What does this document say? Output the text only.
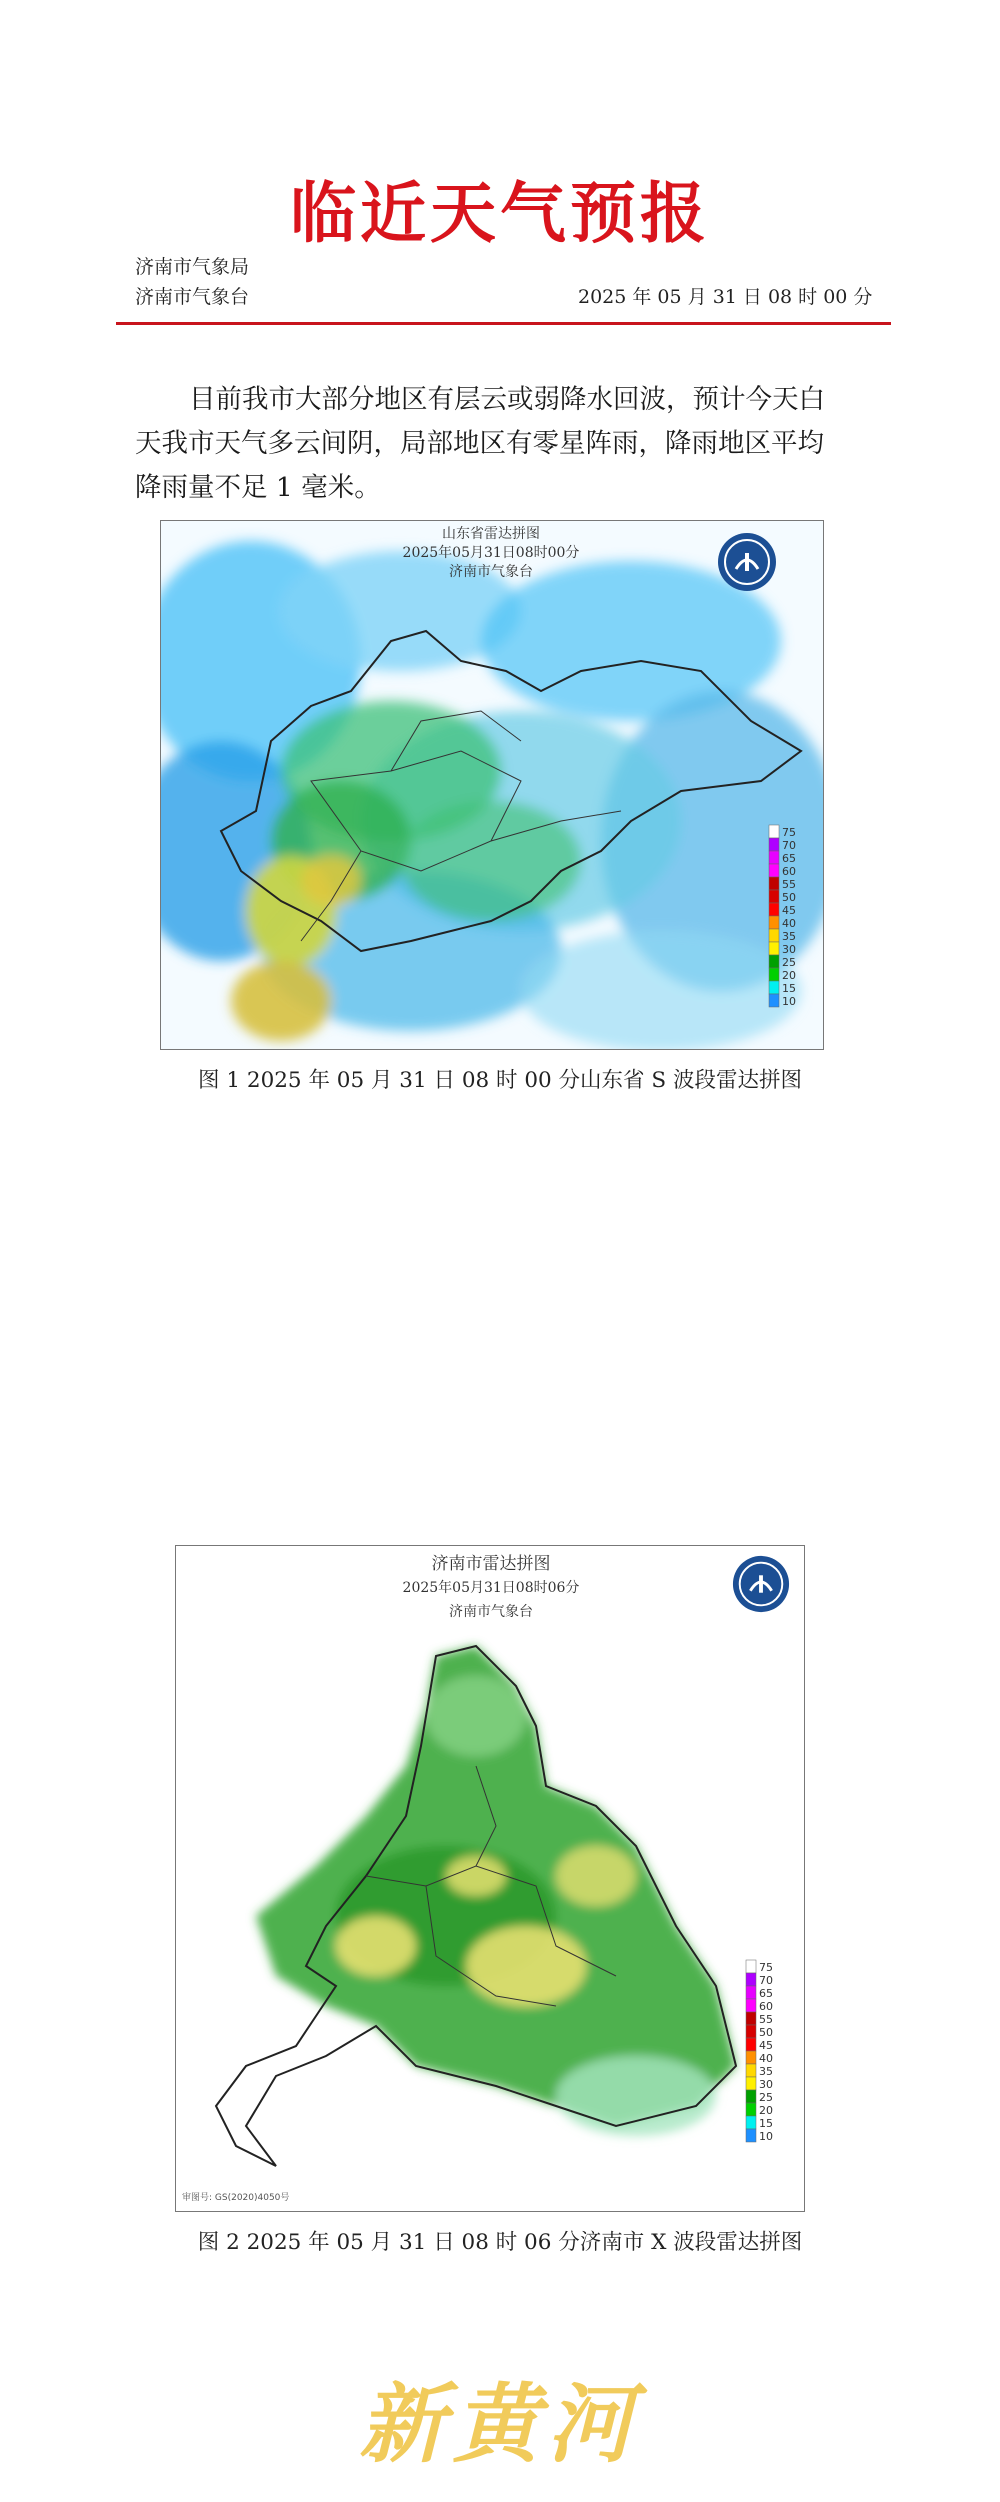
临近天气预报
济南市气象局
济南市气象台	2025 年 05 月 31 日 08 时 00 分
目前我市大部分地区有层云或弱降水回波，预计今天白天我市天气多云间阴，局部地区有零星阵雨，降雨地区平均降雨量不足 1 毫米。
山东省雷达拼图
2025年05月31日08时00分
济南市气象台
75
70
65
60
55
50
45
40
35
30
25
20
15
10
图 1 2025 年 05 月 31 日 08 时 00 分山东省 S 波段雷达拼图
济南市雷达拼图
2025年05月31日08时06分
济南市气象台
75
70
65
60
55
50
45
40
35
30
25
20
15
10
审图号: GS(2020)4050号
图 2 2025 年 05 月 31 日 08 时 06 分济南市 X 波段雷达拼图
新黄河
